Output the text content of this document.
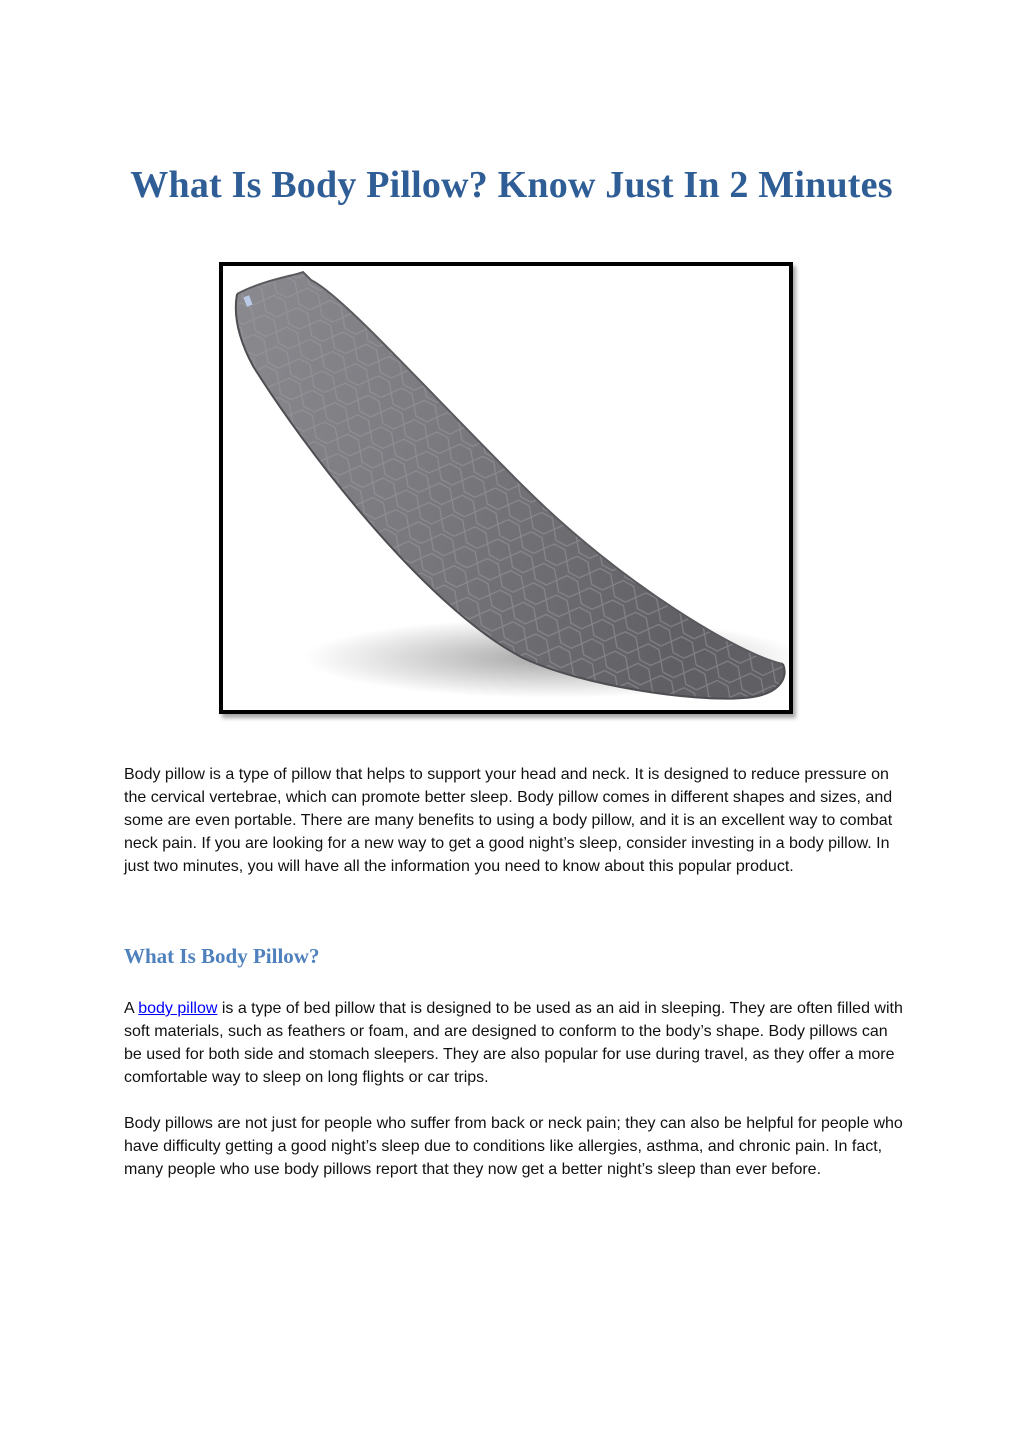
What Is Body Pillow? Know Just In 2 Minutes

Body pillow is a type of pillow that helps to support your head and neck. It is designed to reduce pressure on the cervical vertebrae, which can promote better sleep. Body pillow comes in different shapes and sizes, and some are even portable. There are many benefits to using a body pillow, and it is an excellent way to combat neck pain. If you are looking for a new way to get a good night’s sleep, consider investing in a body pillow. In just two minutes, you will have all the information you need to know about this popular product.

What Is Body Pillow?

A body pillow is a type of bed pillow that is designed to be used as an aid in sleeping. They are often filled with soft materials, such as feathers or foam, and are designed to conform to the body’s shape. Body pillows can be used for both side and stomach sleepers. They are also popular for use during travel, as they offer a more comfortable way to sleep on long flights or car trips.

Body pillows are not just for people who suffer from back or neck pain; they can also be helpful for people who have difficulty getting a good night’s sleep due to conditions like allergies, asthma, and chronic pain. In fact, many people who use body pillows report that they now get a better night’s sleep than ever before.
